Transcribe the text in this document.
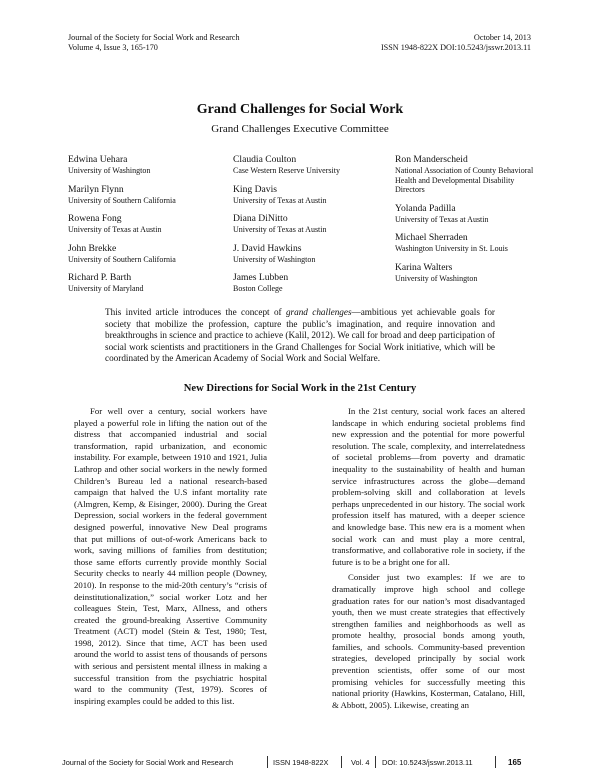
Journal of the Society for Social Work and Research
Volume 4, Issue 3, 165-170
October 14, 2013
ISSN 1948-822X DOI:10.5243/jsswr.2013.11
Grand Challenges for Social Work
Grand Challenges Executive Committee
Edwina Uehara
University of Washington
Marilyn Flynn
University of Southern California
Rowena Fong
University of Texas at Austin
John Brekke
University of Southern California
Richard P. Barth
University of Maryland
Claudia Coulton
Case Western Reserve University
King Davis
University of Texas at Austin
Diana DiNitto
University of Texas at Austin
J. David Hawkins
University of Washington
James Lubben
Boston College
Ron Manderscheid
National Association of County Behavioral Health and Developmental Disability Directors
Yolanda Padilla
University of Texas at Austin
Michael Sherraden
Washington University in St. Louis
Karina Walters
University of Washington
This invited article introduces the concept of grand challenges—ambitious yet achievable goals for society that mobilize the profession, capture the public’s imagination, and require innovation and breakthroughs in science and practice to achieve (Kalil, 2012). We call for broad and deep participation of social work scientists and practitioners in the Grand Challenges for Social Work initiative, which will be coordinated by the American Academy of Social Work and Social Welfare.
New Directions for Social Work in the 21st Century

For well over a century, social workers have played a powerful role in lifting the nation out of the distress that accompanied industrial and social transformation, rapid urbanization, and economic instability. For example, between 1910 and 1921, Julia Lathrop and other social workers in the newly formed Children’s Bureau led a national research-based campaign that halved the U.S infant mortality rate (Almgren, Kemp, & Eisinger, 2000). During the Great Depression, social workers in the federal government designed powerful, innovative New Deal programs that put millions of out-of-work Americans back to work, saving millions of families from destitution; those same efforts currently provide monthly Social Security checks to nearly 44 million people (Downey, 2010). In response to the mid-20th century’s “crisis of deinstitutionalization,” social worker Lotz and her colleagues Stein, Test, Marx, Allness, and others created the ground-breaking Assertive Community Treatment (ACT) model (Stein & Test, 1980; Test, 1998, 2012). Since that time, ACT has been used around the world to assist tens of thousands of persons with serious and persistent mental illness in making a successful transition from the psychiatric hospital ward to the community (Test, 1979). Scores of inspiring examples could be added to this list.

In the 21st century, social work faces an altered landscape in which enduring societal problems find new expression and the potential for more powerful resolution. The scale, complexity, and interrelatedness of societal problems—from poverty and dramatic inequality to the sustainability of health and human service infrastructures across the globe—demand problem-solving skill and collaboration at levels perhaps unprecedented in our history. The social work profession itself has matured, with a deeper science and knowledge base. This new era is a moment when social work can and must play a more central, transformative, and collaborative role in society, if the future is to be a bright one for all.

Consider just two examples: If we are to dramatically improve high school and college graduation rates for our nation’s most disadvantaged youth, then we must create strategies that effectively strengthen families and neighborhoods as well as promote healthy, prosocial bonds among youth, families, and schools. Community-based prevention strategies, developed principally by social work prevention scientists, offer some of our most promising vehicles for successfully meeting this national priority (Hawkins, Kosterman, Catalano, Hill, & Abbott, 2005). Likewise, creating an

Journal of the Society for Social Work and Research	ISSN 1948-822X	Vol. 4 DOI: 10.5243/jsswr.2013.11	165
